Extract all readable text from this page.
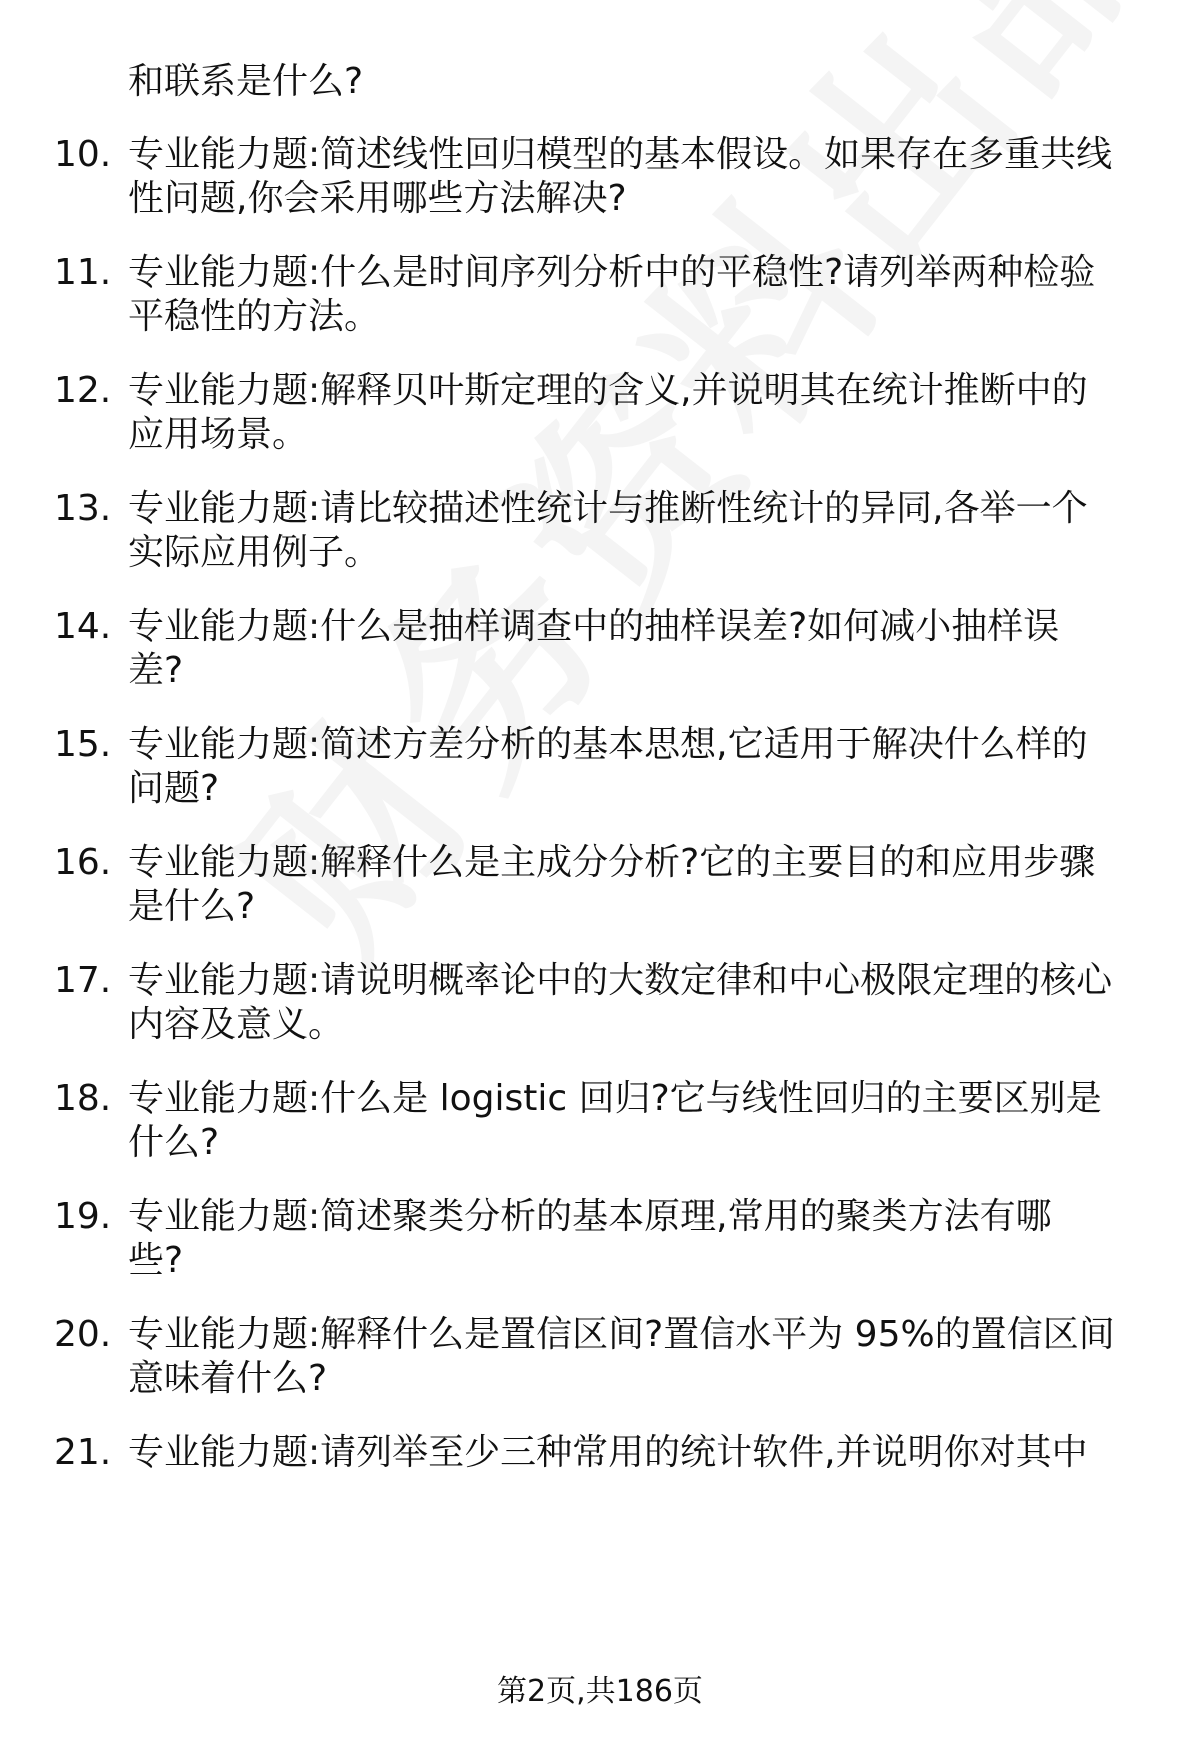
和联系是什么?
10. 专业能力题:简述线性回归模型的基本假设。如果存在多重共线
性问题,你会采用哪些方法解决?
11. 专业能力题:什么是时间序列分析中的平稳性?请列举两种检验
平稳性的方法。
12. 专业能力题:解释贝叶斯定理的含义,并说明其在统计推断中的
应用场景。
13. 专业能力题:请比较描述性统计与推断性统计的异同,各举一个
实际应用例子。
14. 专业能力题:什么是抽样调查中的抽样误差?如何减小抽样误
差?
15. 专业能力题:简述方差分析的基本思想,它适用于解决什么样的
问题?
16. 专业能力题:解释什么是主成分分析?它的主要目的和应用步骤
是什么?
17. 专业能力题:请说明概率论中的大数定律和中心极限定理的核心
内容及意义。
18. 专业能力题:什么是 logistic 回归?它与线性回归的主要区别是
什么?
19. 专业能力题:简述聚类分析的基本原理,常用的聚类方法有哪
些?
20. 专业能力题:解释什么是置信区间?置信水平为 95%的置信区间
意味着什么?
21. 专业能力题:请列举至少三种常用的统计软件,并说明你对其中
第2页,共186页
